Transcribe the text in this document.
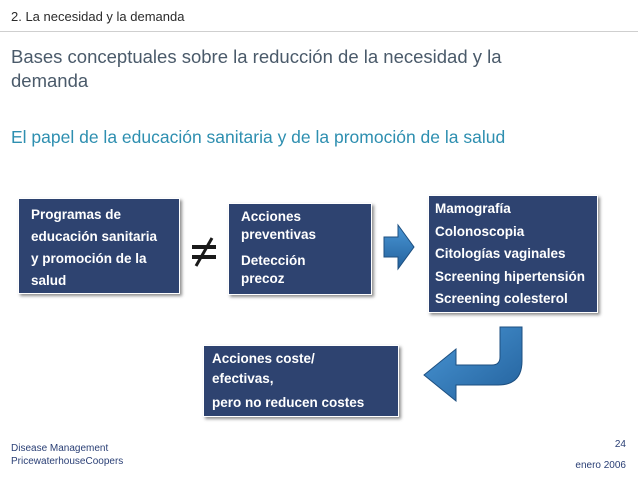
2. La necesidad y la demanda
Bases conceptuales sobre la reducción de la necesidad y la
demanda
El papel de la educación sanitaria y de la promoción de la salud
Programas de
educación sanitaria
y promoción de la
salud
Acciones
preventivas
Detección
precoz
Mamografía
Colonoscopia
Citologías vaginales
Screening hipertensión
Screening colesterol
Acciones coste/
efectivas,
pero no reducen costes
Disease Management
PricewaterhouseCoopers
24
enero 2006
